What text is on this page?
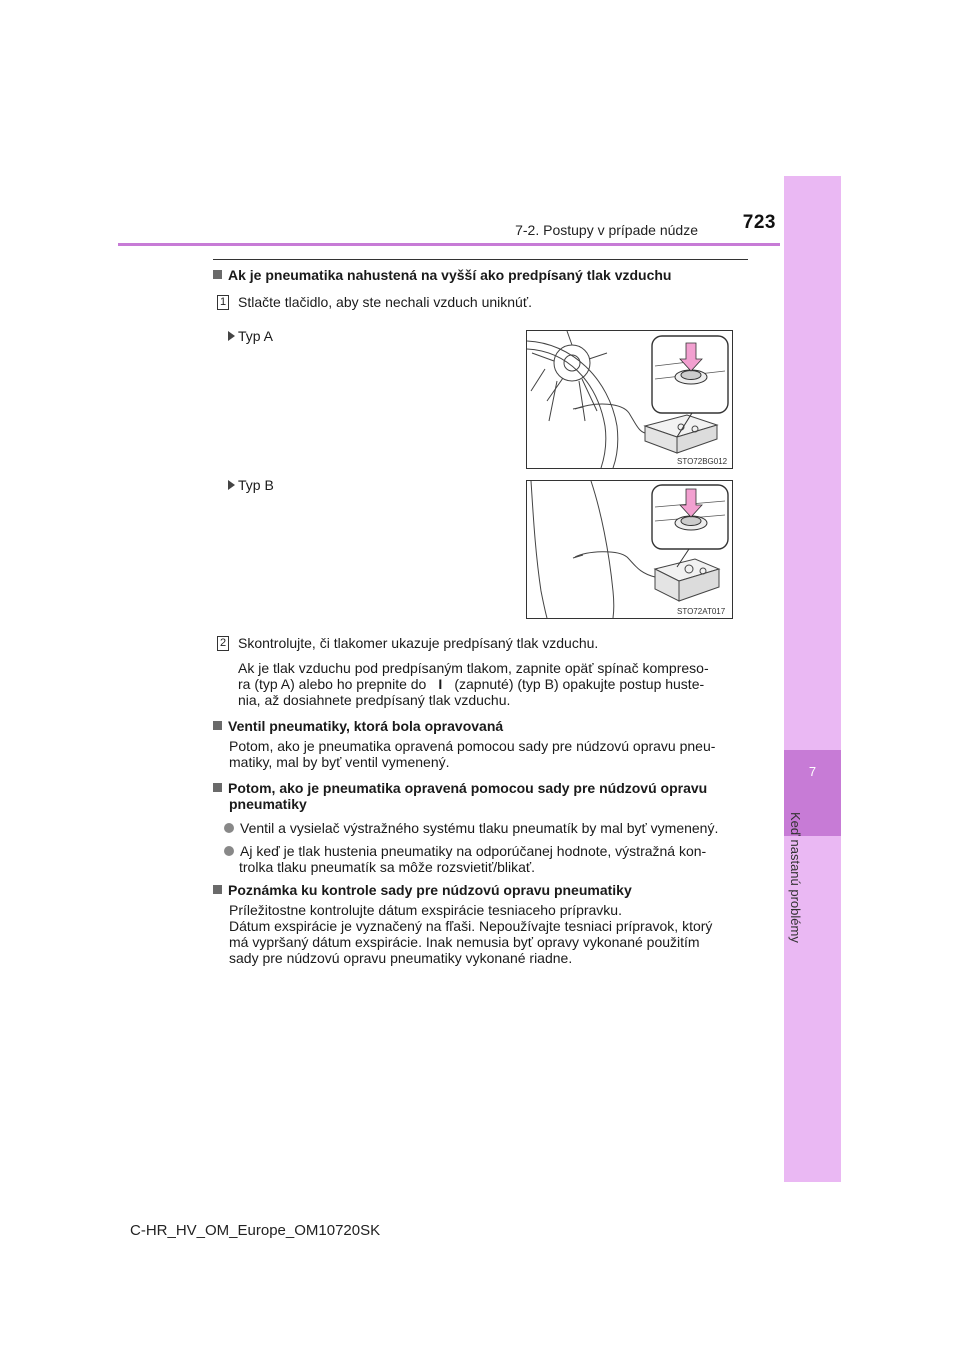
7-2. Postupy v prípade núdze	723
7
Keď nastanú problémy
Ak je pneumatika nahustená na vyšší ako predpísaný tlak vzduchu
1 Stlačte tlačidlo, aby ste nechali vzduch uniknúť.
Typ A
STO72BG012
Typ B
STO72AT017
2 Skontrolujte, či tlakomer ukazuje predpísaný tlak vzduchu.
Ak je tlak vzduchu pod predpísaným tlakom, zapnite opäť spínač kompreso-
ra (typ A) alebo ho prepnite do I (zapnuté) (typ B) opakujte postup huste-
nia, až dosiahnete predpísaný tlak vzduchu.
Ventil pneumatiky, ktorá bola opravovaná
Potom, ako je pneumatika opravená pomocou sady pre núdzovú opravu pneu-
matiky, mal by byť ventil vymenený.
Potom, ako je pneumatika opravená pomocou sady pre núdzovú opravu
pneumatiky
Ventil a vysielač výstražného systému tlaku pneumatík by mal byť vymenený.
Aj keď je tlak hustenia pneumatiky na odporúčanej hodnote, výstražná kon-
trolka tlaku pneumatík sa môže rozsvietiť/blikať.
Poznámka ku kontrole sady pre núdzovú opravu pneumatiky
Príležitostne kontrolujte dátum exspirácie tesniaceho prípravku.
Dátum exspirácie je vyznačený na fľaši. Nepoužívajte tesniaci prípravok, ktorý
má vypršaný dátum exspirácie. Inak nemusia byť opravy vykonané použitím
sady pre núdzovú opravu pneumatiky vykonané riadne.
C-HR_HV_OM_Europe_OM10720SK
